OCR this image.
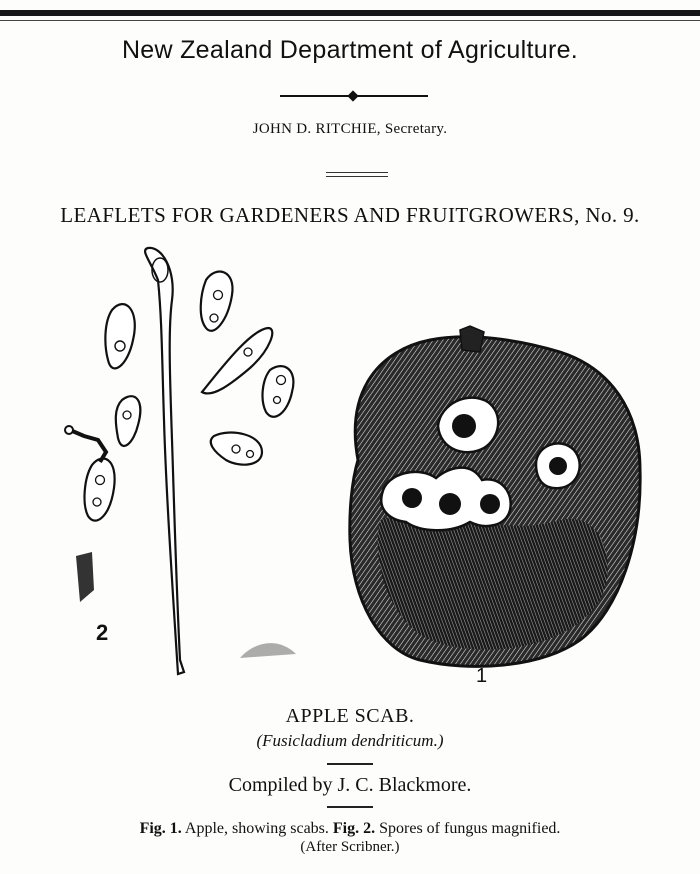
New Zealand Department of Agriculture.
JOHN D. RITCHIE, Secretary.
LEAFLETS FOR GARDENERS AND FRUITGROWERS, No. 9.
2
1
APPLE SCAB.
(Fusicladium dendriticum.)
Compiled by J. C. Blackmore.
Fig. 1. Apple, showing scabs. Fig. 2. Spores of fungus magnified.
(After Scribner.)
